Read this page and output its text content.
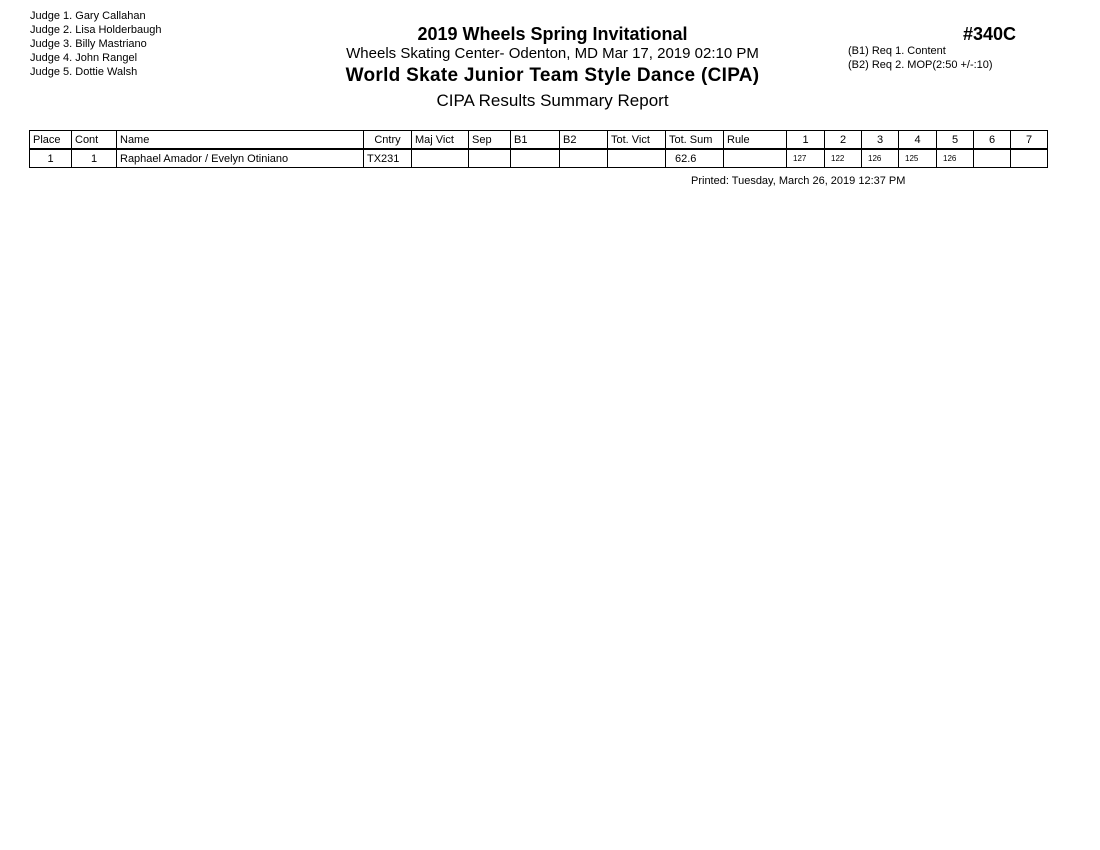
Judge 1. Gary Callahan
Judge 2. Lisa Holderbaugh
Judge 3. Billy Mastriano
Judge 4. John Rangel
Judge 5. Dottie Walsh
2019 Wheels Spring Invitational
Wheels Skating Center- Odenton, MD Mar 17, 2019 02:10 PM
World Skate Junior Team Style Dance (CIPA)
CIPA Results Summary Report
#340C
(B1) Req 1. Content
(B2) Req 2. MOP(2:50 +/-:10)
Place	Cont	Name	Cntry	Maj Vict	Sep	B1	B2	Tot. Vict	Tot. Sum	Rule	1	2	3	4	5	6	7
1	1	Raphael Amador / Evelyn Otiniano	TX231						62.6		127	122	126	125	126		
Printed: Tuesday, March 26, 2019 12:37 PM
